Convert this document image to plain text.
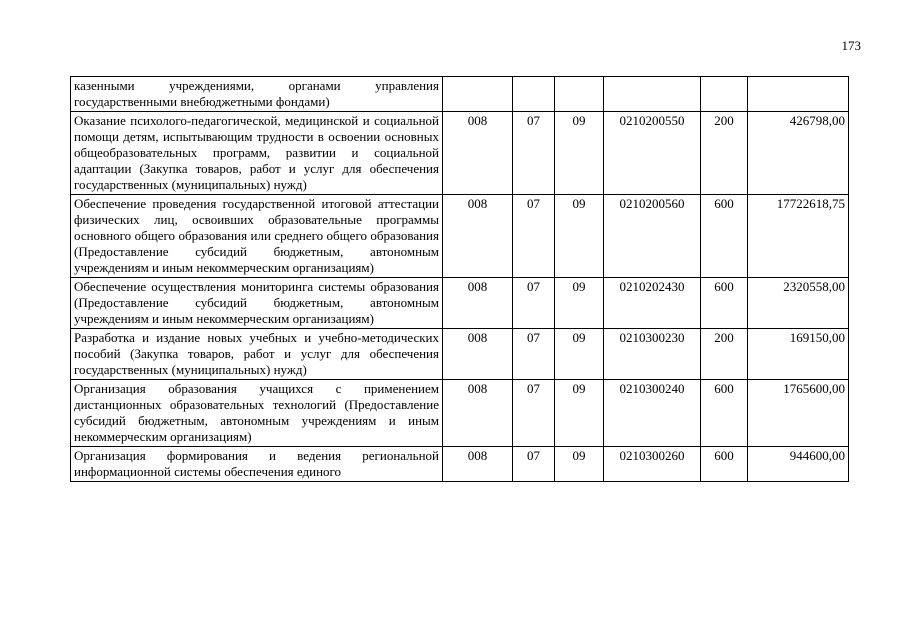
173
казенными учреждениями, органами управления государственными внебюджетными фондами)						
Оказание психолого-педагогической, медицинской и социальной помощи детям, испытывающим трудности в освоении основных общеобразовательных программ, развитии и социальной адаптации (Закупка товаров, работ и услуг для обеспечения государственных (муниципальных) нужд)	008	07	09	0210200550	200	426798,00
Обеспечение проведения государственной итоговой аттестации физических лиц, освоивших образовательные программы основного общего образования или среднего общего образования (Предоставление субсидий бюджетным, автономным учреждениям и иным некоммерческим организациям)	008	07	09	0210200560	600	17722618,75
Обеспечение осуществления мониторинга системы образования (Предоставление субсидий бюджетным, автономным учреждениям и иным некоммерческим организациям)	008	07	09	0210202430	600	2320558,00
Разработка и издание новых учебных и учебно-методических пособий (Закупка товаров, работ и услуг для обеспечения государственных (муниципальных) нужд)	008	07	09	0210300230	200	169150,00
Организация образования учащихся с применением дистанционных образовательных технологий (Предоставление субсидий бюджетным, автономным учреждениям и иным некоммерческим организациям)	008	07	09	0210300240	600	1765600,00
Организация формирования и ведения региональной информационной системы обеспечения единого	008	07	09	0210300260	600	944600,00
